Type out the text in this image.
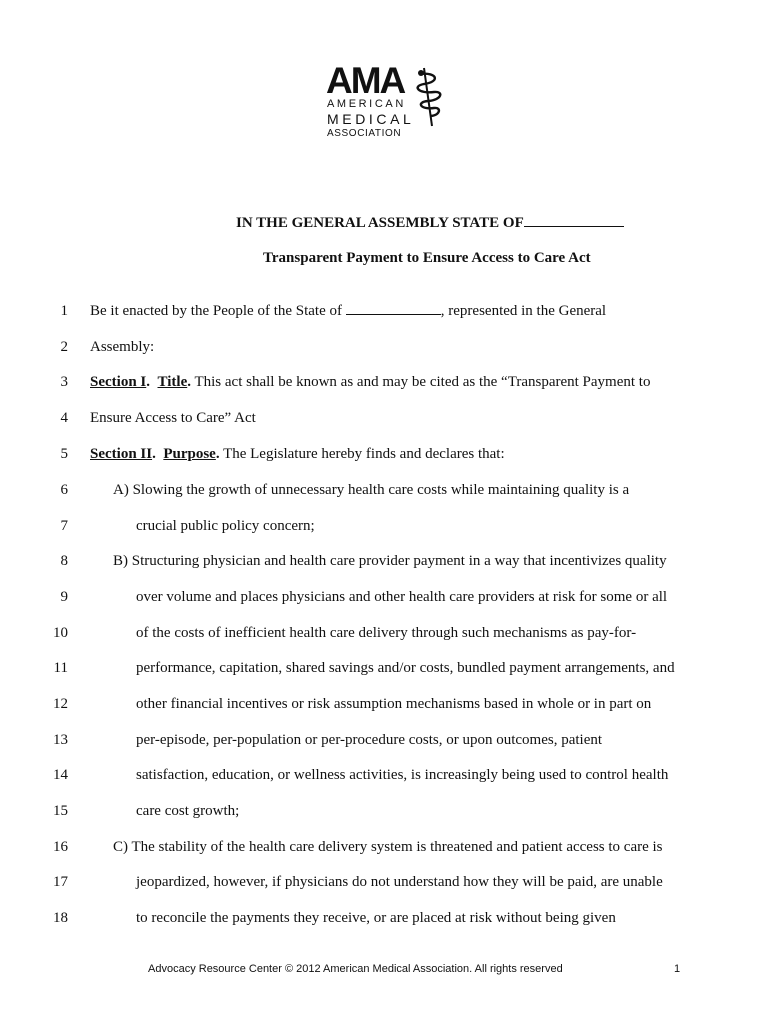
AMA
AMERICAN
MEDICAL
ASSOCIATION
IN THE GENERAL ASSEMBLY STATE OF
Transparent Payment to Ensure Access to Care Act
1 Be it enacted by the People of the State of	, represented in the General
2 Assembly:
3 Section I. Title. This act shall be known as and may be cited as the “Transparent Payment to
4 Ensure Access to Care” Act
5 Section II. Purpose. The Legislature hereby finds and declares that:
6	A) Slowing the growth of unnecessary health care costs while maintaining quality is a
7	crucial public policy concern;
8	B) Structuring physician and health care provider payment in a way that incentivizes quality
9	over volume and places physicians and other health care providers at risk for some or all
10	of the costs of inefficient health care delivery through such mechanisms as pay-for-
11	performance, capitation, shared savings and/or costs, bundled payment arrangements, and
12	other financial incentives or risk assumption mechanisms based in whole or in part on
13	per-episode, per-population or per-procedure costs, or upon outcomes, patient
14	satisfaction, education, or wellness activities, is increasingly being used to control health
15	care cost growth;
16	C) The stability of the health care delivery system is threatened and patient access to care is
17	jeopardized, however, if physicians do not understand how they will be paid, are unable
18	to reconcile the payments they receive, or are placed at risk without being given
Advocacy Resource Center © 2012 American Medical Association. All rights reserved	1
